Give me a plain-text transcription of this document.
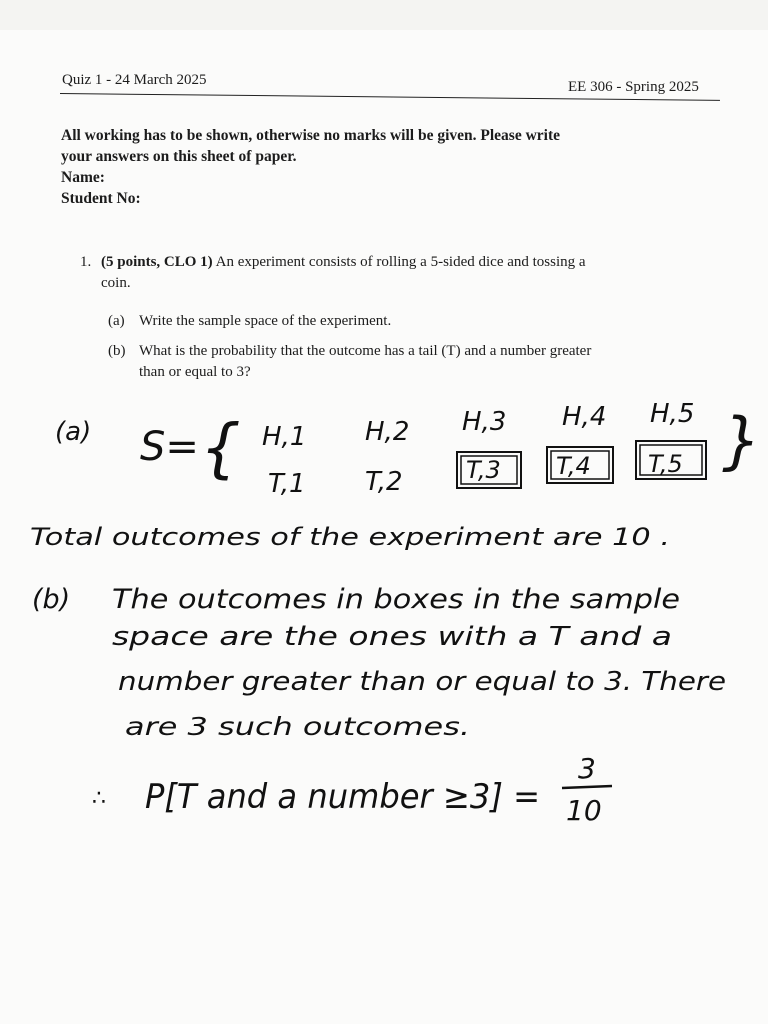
Quiz 1 - 24 March 2025	EE 306 - Spring 2025
All working has to be shown, otherwise no marks will be given. Please write
your answers on this sheet of paper.
Name:
Student No:
1. (5 points, CLO 1) An experiment consists of rolling a 5-sided dice and tossing a
coin.
(a) Write the sample space of the experiment.
(b) What is the probability that the outcome has a tail (T) and a number greater
than or equal to 3?
(a) S= { H,1 H,2 H,3 H,4 H,5
T,1 T,2	T,3 T,4 T,5 }
Total outcomes of the experiment are 10 .
(b) The outcomes in boxes in the sample
space are the ones with a T and a
number greater than or equal to 3. There
are 3 such outcomes.
∴ P[T and a number ≥3] =
3
10
